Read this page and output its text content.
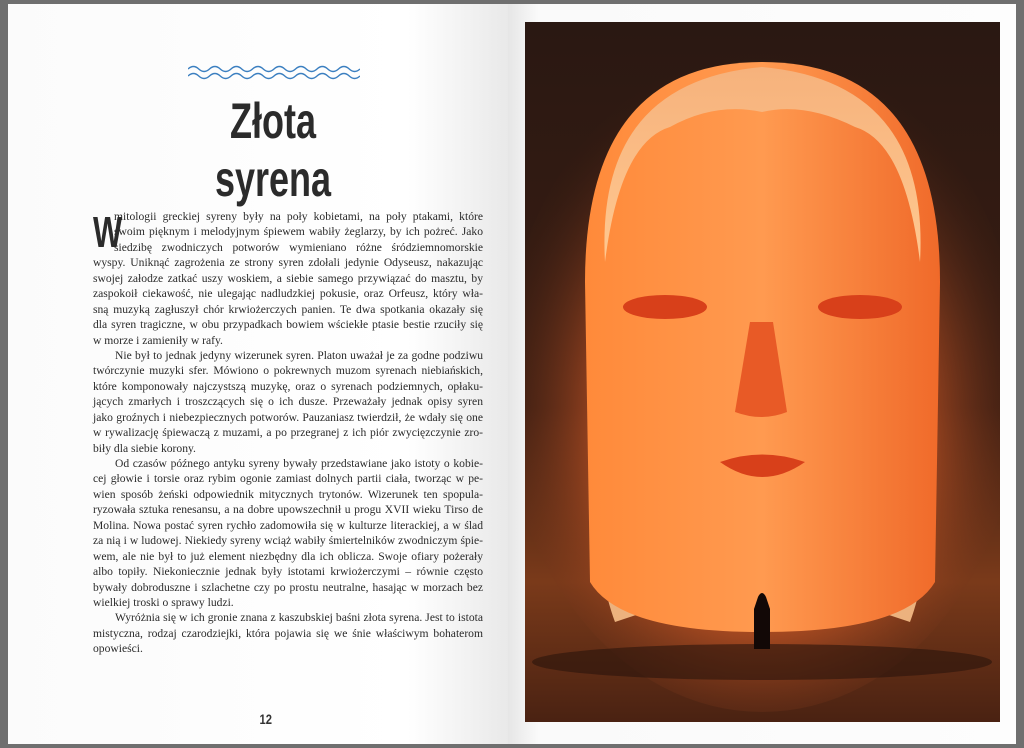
Złota syrena
W
mitologii greckiej syreny były na poły kobietami, na poły ptakami, które
swoim pięknym i melodyjnym śpiewem wabiły żeglarzy, by ich pożreć. Jako
siedzibę zwodniczych potworów wymieniano różne śródziemnomorskie
wyspy. Uniknąć zagrożenia ze strony syren zdołali jedynie Odyseusz, nakazując
swojej załodze zatkać uszy woskiem, a siebie samego przywiązać do masztu, by
zaspokoił ciekawość, nie ulegając nadludzkiej pokusie, oraz Orfeusz, który wła-
sną muzyką zagłuszył chór krwiożerczych panien. Te dwa spotkania okazały się
dla syren tragiczne, w obu przypadkach bowiem wściekłe ptasie bestie rzuciły się
w morze i zamieniły w rafy.
Nie był to jednak jedyny wizerunek syren. Platon uważał je za godne podziwu
twórczynie muzyki sfer. Mówiono o pokrewnych muzom syrenach niebiańskich,
które komponowały najczystszą muzykę, oraz o syrenach podziemnych, opłaku-
jących zmarłych i troszczących się o ich dusze. Przeważały jednak opisy syren
jako groźnych i niebezpiecznych potworów. Pauzaniasz twierdził, że wdały się one
w rywalizację śpiewaczą z muzami, a po przegranej z ich piór zwycięzczynie zro-
biły dla siebie korony.
Od czasów późnego antyku syreny bywały przedstawiane jako istoty o kobie-
cej głowie i torsie oraz rybim ogonie zamiast dolnych partii ciała, tworząc w pe-
wien sposób żeński odpowiednik mitycznych trytonów. Wizerunek ten spopula-
ryzowała sztuka renesansu, a na dobre upowszechnił u progu XVII wieku Tirso de
Molina. Nowa postać syren rychło zadomowiła się w kulturze literackiej, a w ślad
za nią i w ludowej. Niekiedy syreny wciąż wabiły śmiertelników zwodniczym śpie-
wem, ale nie był to już element niezbędny dla ich oblicza. Swoje ofiary pożerały
albo topiły. Niekoniecznie jednak były istotami krwiożerczymi – równie często
bywały dobroduszne i szlachetne czy po prostu neutralne, hasając w morzach bez
wielkiej troski o sprawy ludzi.
Wyróżnia się w ich gronie znana z kaszubskiej baśni złota syrena. Jest to istota
mistyczna, rodzaj czarodziejki, która pojawia się we śnie właściwym bohaterom
opowieści.
12
